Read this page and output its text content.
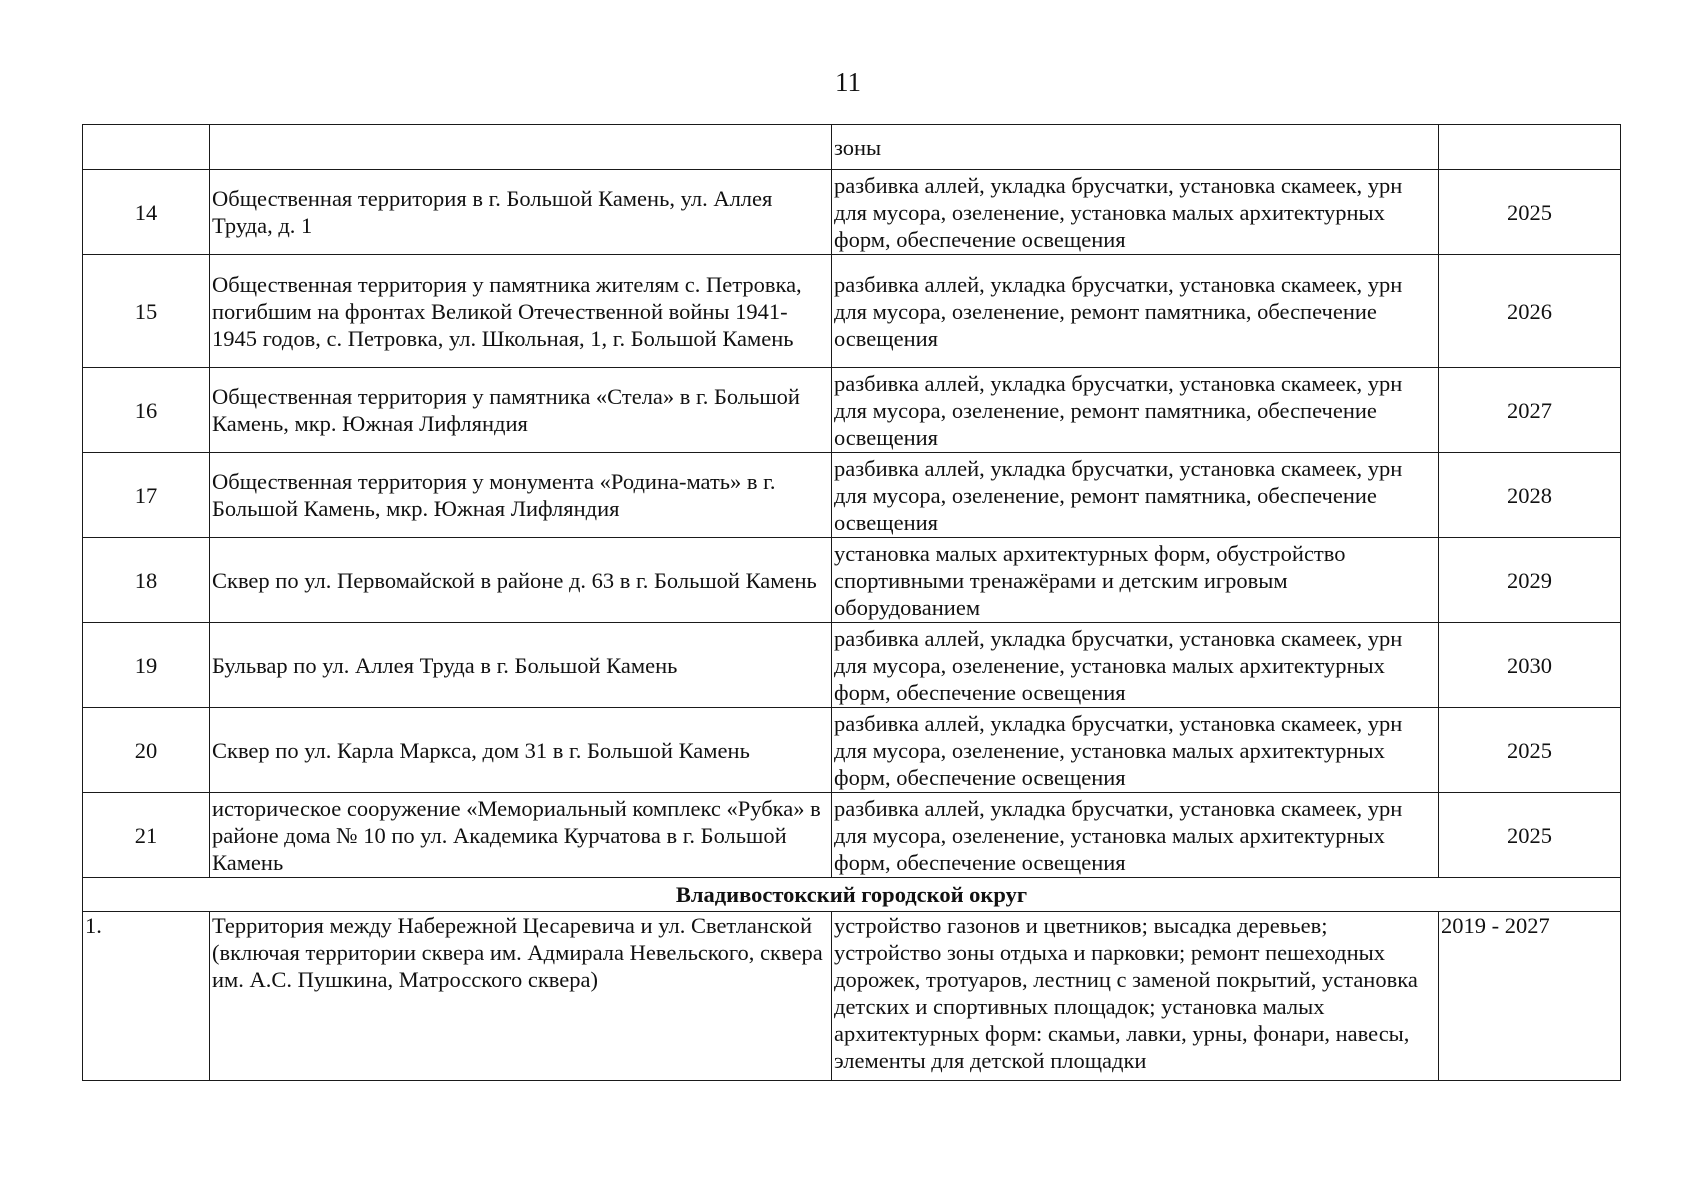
11
		зоны	
14	Общественная территория в г. Большой Камень, ул. Аллея Труда, д. 1	разбивка аллей, укладка брусчатки, установка скамеек, урн для мусора, озеленение, установка малых архитектурных форм, обеспечение освещения	2025
15	Общественная территория у памятника жителям с. Петровка, погибшим на фронтах Великой Отечественной войны 1941-1945 годов, с. Петровка, ул. Школьная, 1, г. Большой Камень	разбивка аллей, укладка брусчатки, установка скамеек, урн для мусора, озеленение, ремонт памятника, обеспечение освещения	2026
16	Общественная территория у памятника «Стела» в г. Большой Камень, мкр. Южная Лифляндия	разбивка аллей, укладка брусчатки, установка скамеек, урн для мусора, озеленение, ремонт памятника, обеспечение освещения	2027
17	Общественная территория у монумента «Родина-мать» в г. Большой Камень, мкр. Южная Лифляндия	разбивка аллей, укладка брусчатки, установка скамеек, урн для мусора, озеленение, ремонт памятника, обеспечение освещения	2028
18	Сквер по ул. Первомайской в районе д. 63 в г. Большой Камень	установка малых архитектурных форм, обустройство спортивными тренажёрами и детским игровым оборудованием	2029
19	Бульвар по ул. Аллея Труда в г. Большой Камень	разбивка аллей, укладка брусчатки, установка скамеек, урн для мусора, озеленение, установка малых архитектурных форм, обеспечение освещения	2030
20	Сквер по ул. Карла Маркса, дом 31 в г. Большой Камень	разбивка аллей, укладка брусчатки, установка скамеек, урн для мусора, озеленение, установка малых архитектурных форм, обеспечение освещения	2025
21	историческое сооружение «Мемориальный комплекс «Рубка» в районе дома № 10 по ул. Академика Курчатова в г. Большой Камень	разбивка аллей, укладка брусчатки, установка скамеек, урн для мусора, озеленение, установка малых архитектурных форм, обеспечение освещения	2025
Владивостокский городской округ			
1.	Территория между Набережной Цесаревича и ул. Светланской (включая территории сквера им. Адмирала Невельского, сквера им. А.С. Пушкина, Матросского сквера)	устройство газонов и цветников; высадка деревьев; устройство зоны отдыха и парковки; ремонт пешеходных дорожек, тротуаров, лестниц с заменой покрытий, установка детских и спортивных площадок; установка малых архитектурных форм: скамьи, лавки, урны, фонари, навесы, элементы для детской площадки	2019 - 2027
